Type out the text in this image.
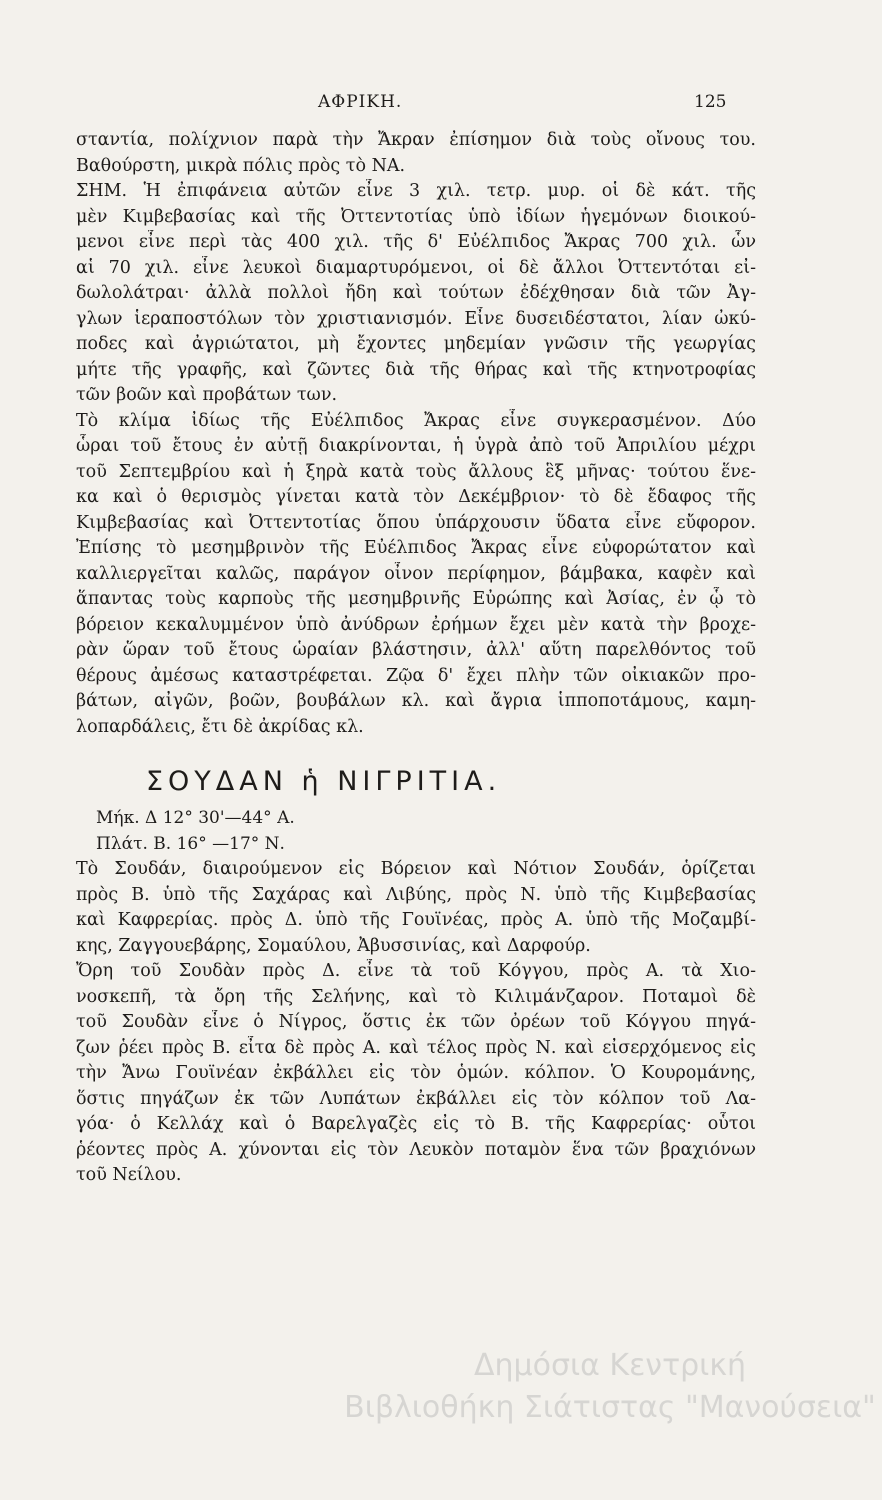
ΑΦΡΙΚΗ.	125

σταντία, πολίχνιον παρὰ τὴν Ἄκραν ἐπίσημον διὰ τοὺς οἴνους του.

Βαθούρστη, μικρὰ πόλις πρὸς τὸ ΝΑ.

ΣΗΜ. Ἡ ἐπιφάνεια αὐτῶν εἶνε 3 χιλ. τετρ. μυρ. οἱ δὲ κάτ. τῆς

μὲν Κιμβεβασίας καὶ τῆς Ὀττεντοτίας ὑπὸ ἰδίων ἡγεμόνων διοικού-

μενοι εἶνε περὶ τὰς 400 χιλ. τῆς δ' Εὐέλπιδος Ἄκρας 700 χιλ. ὧν

αἱ 70 χιλ. εἶνε λευκοὶ διαμαρτυρόμενοι, οἱ δὲ ἄλλοι Ὀττεντόται εἰ-

δωλολάτραι· ἀλλὰ πολλοὶ ἤδη καὶ τούτων ἐδέχθησαν διὰ τῶν Ἀγ-

γλων ἱεραποστόλων τὸν χριστιανισμόν. Εἶνε δυσειδέστατοι, λίαν ὠκύ-

ποδες καὶ ἀγριώτατοι, μὴ ἔχοντες μηδεμίαν γνῶσιν τῆς γεωργίας

μήτε τῆς γραφῆς, καὶ ζῶντες διὰ τῆς θήρας καὶ τῆς κτηνοτροφίας

τῶν βοῶν καὶ προβάτων των.

Τὸ κλίμα ἰδίως τῆς Εὐέλπιδος Ἄκρας εἶνε συγκερασμένον. Δύο

ὧραι τοῦ ἔτους ἐν αὐτῇ διακρίνονται, ἡ ὑγρὰ ἀπὸ τοῦ Ἀπριλίου μέχρι

τοῦ Σεπτεμβρίου καὶ ἡ ξηρὰ κατὰ τοὺς ἄλλους ἓξ μῆνας· τούτου ἕνε-

κα καὶ ὁ θερισμὸς γίνεται κατὰ τὸν Δεκέμβριον· τὸ δὲ ἔδαφος τῆς

Κιμβεβασίας καὶ Ὀττεντοτίας ὅπου ὑπάρχουσιν ὕδατα εἶνε εὔφορον.

Ἐπίσης τὸ μεσημβρινὸν τῆς Εὐέλπιδος Ἄκρας εἶνε εὐφορώτατον καὶ

καλλιεργεῖται καλῶς, παράγον οἶνον περίφημον, βάμβακα, καφὲν καὶ

ἅπαντας τοὺς καρποὺς τῆς μεσημβρινῆς Εὐρώπης καὶ Ἀσίας, ἐν ᾧ τὸ

βόρειον κεκαλυμμένον ὑπὸ ἀνύδρων ἐρήμων ἔχει μὲν κατὰ τὴν βροχε-

ρὰν ὥραν τοῦ ἔτους ὡραίαν βλάστησιν, ἀλλ' αὕτη παρελθόντος τοῦ

θέρους ἀμέσως καταστρέφεται. Ζῷα δ' ἔχει πλὴν τῶν οἰκιακῶν προ-

βάτων, αἰγῶν, βοῶν, βουβάλων κλ. καὶ ἄγρια ἱπποποτάμους, καμη-

λοπαρδάλεις, ἔτι δὲ ἀκρίδας κλ.

ΣΟΥΔΑΝ ἡ ΝΙΓΡΙΤΙΑ.

Μήκ. Δ 12° 30'—44° Α.

Πλάτ. Β. 16° —17° Ν.

Τὸ Σουδάν, διαιρούμενον εἰς Βόρειον καὶ Νότιον Σουδάν, ὁρίζεται

πρὸς Β. ὑπὸ τῆς Σαχάρας καὶ Λιβύης, πρὸς Ν. ὑπὸ τῆς Κιμβεβασίας

καὶ Καφρερίας. πρὸς Δ. ὑπὸ τῆς Γουϊνέας, πρὸς Α. ὑπὸ τῆς Μοζαμβί-

κης, Ζαγγουεβάρης, Σομαύλου, Ἀβυσσινίας, καὶ Δαρφούρ.

Ὄρη τοῦ Σουδὰν πρὸς Δ. εἶνε τὰ τοῦ Κόγγου, πρὸς Α. τὰ Χιο-

νοσκεπῆ, τὰ ὄρη τῆς Σελήνης, καὶ τὸ Κιλιμάνζαρον. Ποταμοὶ δὲ

τοῦ Σουδὰν εἶνε ὁ Νίγρος, ὅστις ἐκ τῶν ὀρέων τοῦ Κόγγου πηγά-

ζων ῥέει πρὸς Β. εἶτα δὲ πρὸς Α. καὶ τέλος πρὸς Ν. καὶ εἰσερχόμενος εἰς

τὴν Ἄνω Γουϊνέαν ἐκβάλλει εἰς τὸν ὁμών. κόλπον. Ὁ Κουρομάνης,

ὅστις πηγάζων ἐκ τῶν Λυπάτων ἐκβάλλει εἰς τὸν κόλπον τοῦ Λα-

γόα· ὁ Κελλάχ καὶ ὁ Βαρελγαζὲς εἰς τὸ Β. τῆς Καφρερίας· οὗτοι

ῥέοντες πρὸς Α. χύνονται εἰς τὸν Λευκὸν ποταμὸν ἕνα τῶν βραχιόνων

τοῦ Νείλου.

Δημόσια Κεντρική
Βιβλιοθήκη Σιάτιστας "Μανούσεια"
